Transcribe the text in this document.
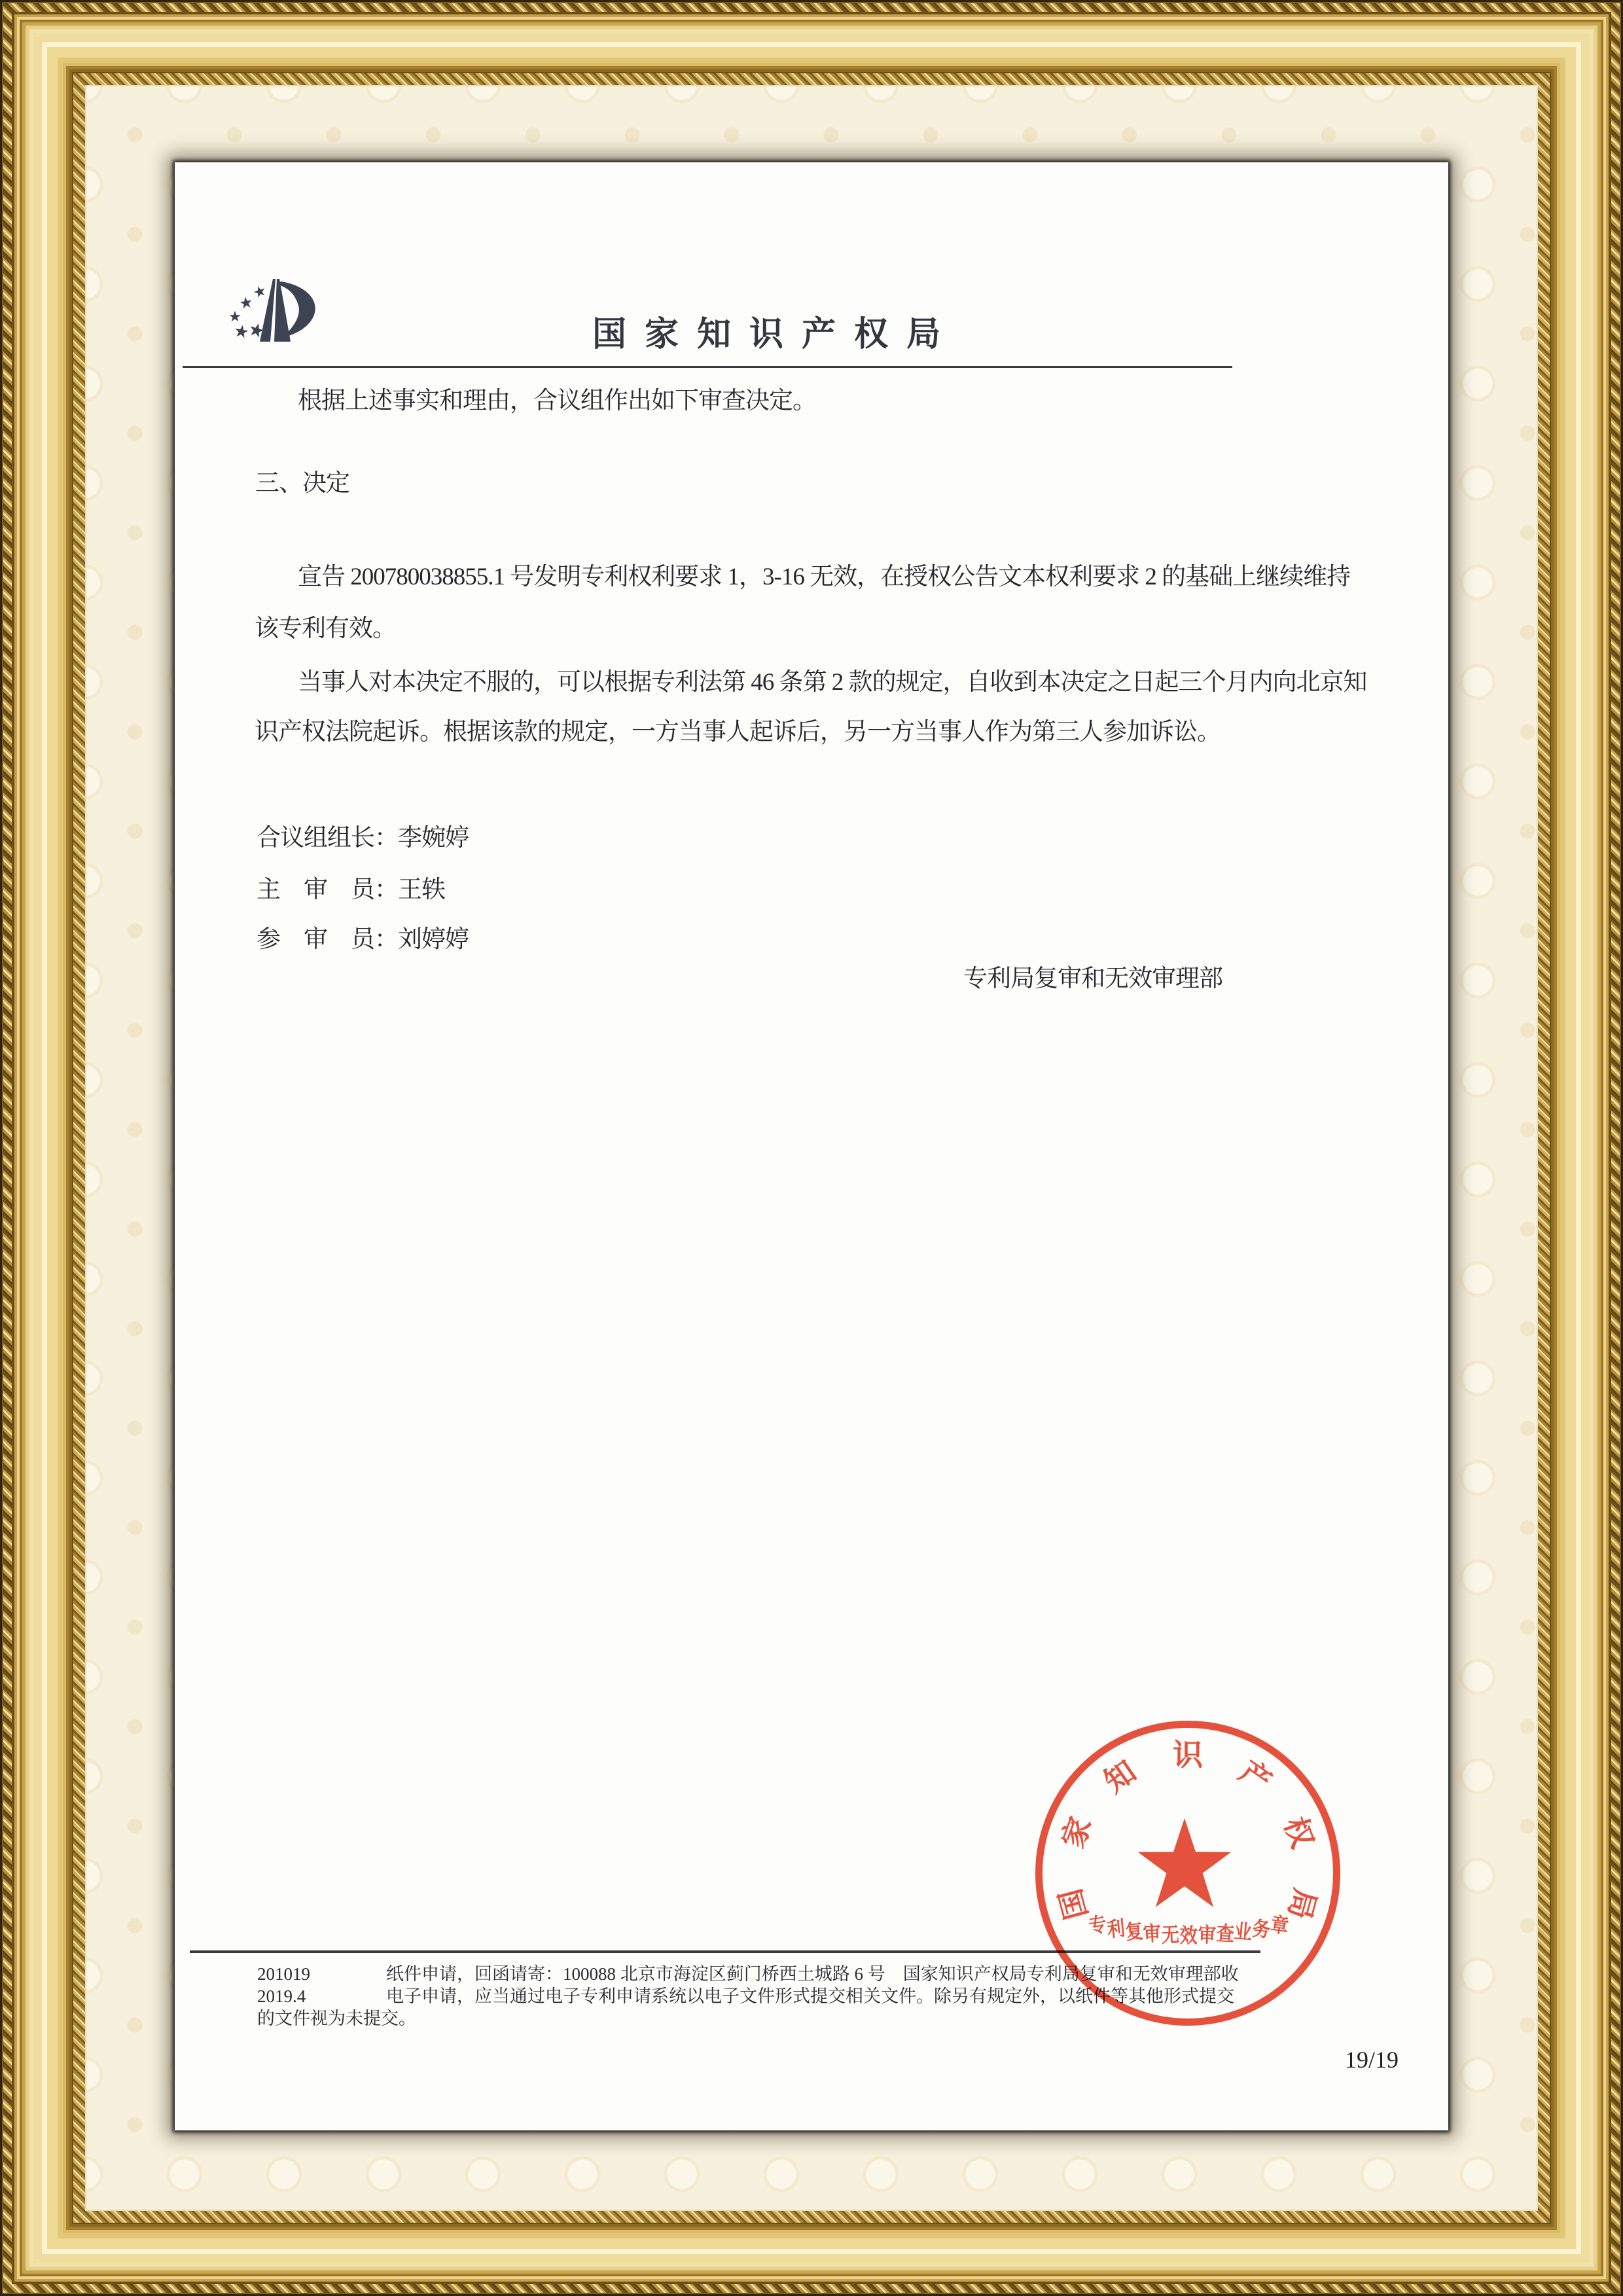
国家知识产权局
根据上述事实和理由，合议组作出如下审查决定。
三、决定
宣告 200780038855.1 号发明专利权利要求 1，3-16 无效，在授权公告文本权利要求 2 的基础上继续维持
该专利有效。
当事人对本决定不服的，可以根据专利法第 46 条第 2 款的规定，自收到本决定之日起三个月内向北京知
识产权法院起诉。根据该款的规定，一方当事人起诉后，另一方当事人作为第三人参加诉讼。
合议组组长：李婉婷
主　审　员：王轶
参　审　员：刘婷婷
专利局复审和无效审理部
201019
2019.4
纸件申请，回函请寄：100088 北京市海淀区蓟门桥西土城路 6 号　国家知识产权局专利局复审和无效审理部收
电子申请，应当通过电子专利申请系统以电子文件形式提交相关文件。除另有规定外，以纸件等其他形式提交
的文件视为未提交。
19/19
国
家
知 识 产
权
局
专
利
复
审 无 效 审 查
业
务
章
